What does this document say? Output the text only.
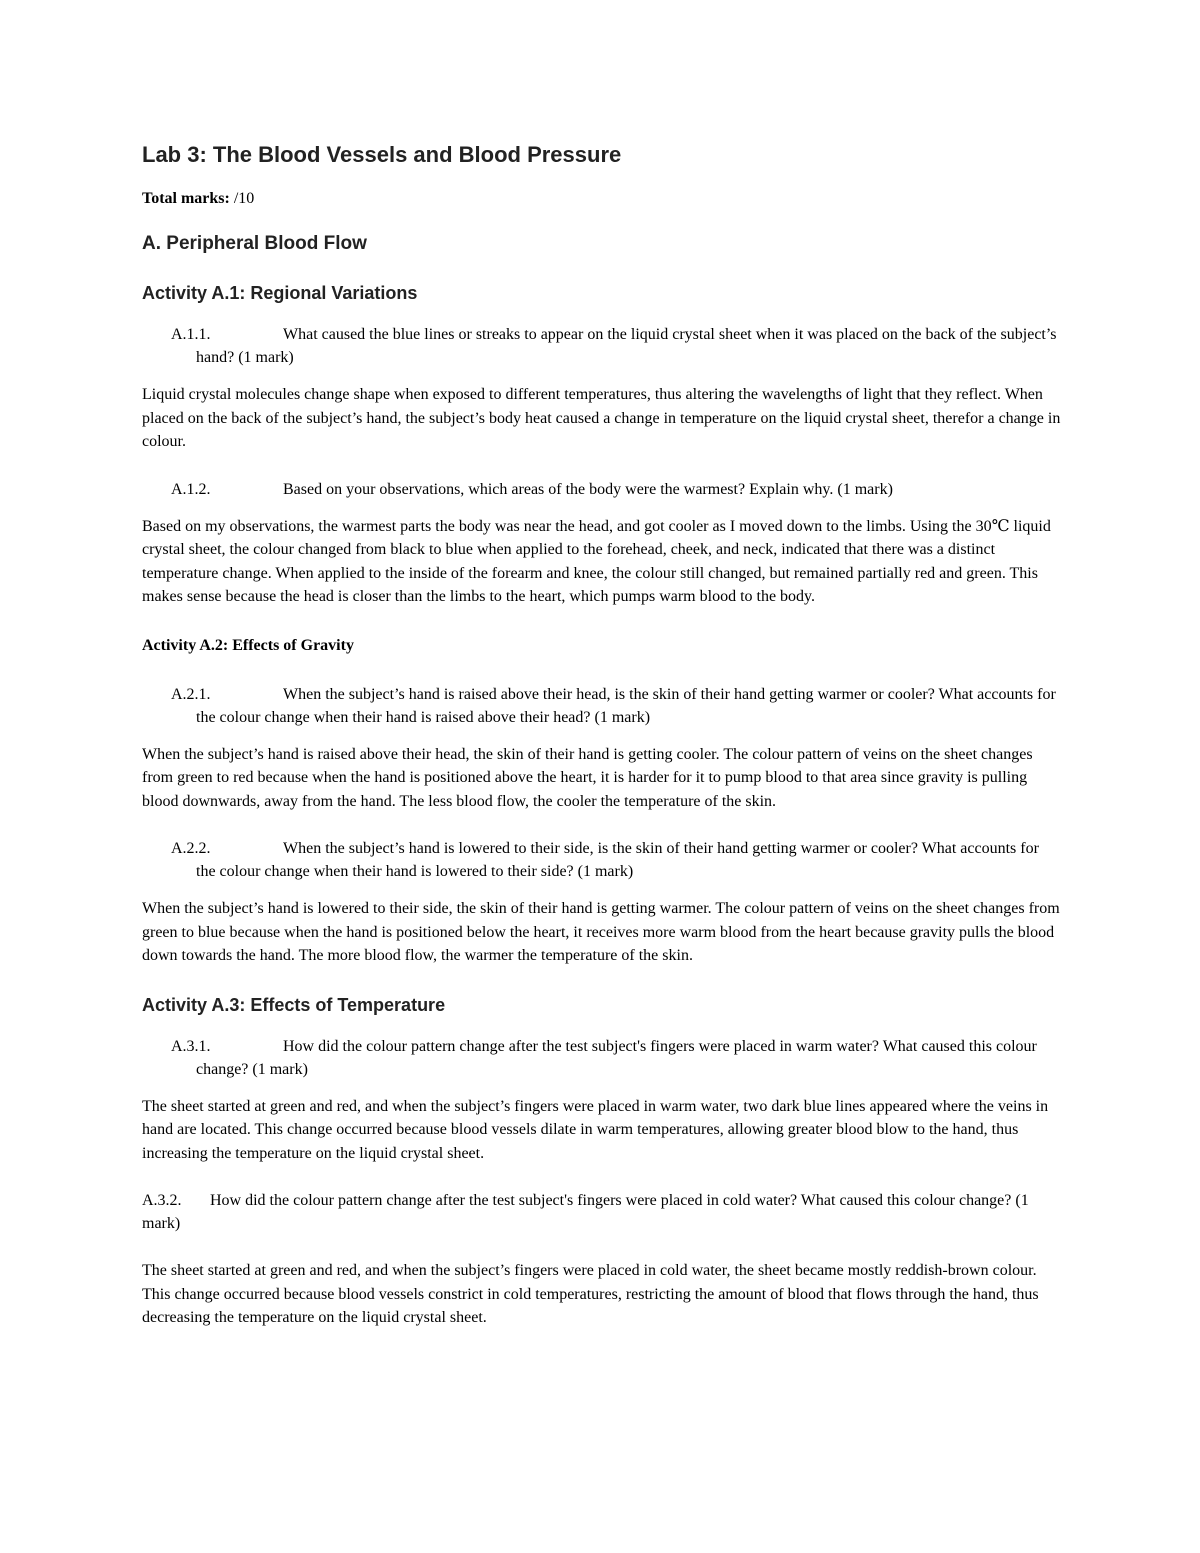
Lab 3: The Blood Vessels and Blood Pressure

Total marks: /10

A. Peripheral Blood Flow
Activity A.1: Regional Variations

A.1.1.	What caused the blue lines or streaks to appear on the liquid crystal sheet when it was placed on the back of the subject’s hand? (1 mark)

Liquid crystal molecules change shape when exposed to different temperatures, thus altering the wavelengths of light that they reflect. When placed on the back of the subject’s hand, the subject’s body heat caused a change in temperature on the liquid crystal sheet, therefor a change in colour.

A.1.2.	Based on your observations, which areas of the body were the warmest? Explain why. (1 mark)

Based on my observations, the warmest parts the body was near the head, and got cooler as I moved down to the limbs. Using the 30℃ liquid crystal sheet, the colour changed from black to blue when applied to the forehead, cheek, and neck, indicated that there was a distinct temperature change. When applied to the inside of the forearm and knee, the colour still changed, but remained partially red and green. This makes sense because the head is closer than the limbs to the heart, which pumps warm blood to the body.

Activity A.2: Effects of Gravity

A.2.1.	When the subject’s hand is raised above their head, is the skin of their hand getting warmer or cooler? What accounts for the colour change when their hand is raised above their head? (1 mark)

When the subject’s hand is raised above their head, the skin of their hand is getting cooler. The colour pattern of veins on the sheet changes from green to red because when the hand is positioned above the heart, it is harder for it to pump blood to that area since gravity is pulling blood downwards, away from the hand. The less blood flow, the cooler the temperature of the skin.

A.2.2.	When the subject’s hand is lowered to their side, is the skin of their hand getting warmer or cooler? What accounts for the colour change when their hand is lowered to their side? (1 mark)

When the subject’s hand is lowered to their side, the skin of their hand is getting warmer. The colour pattern of veins on the sheet changes from green to blue because when the hand is positioned below the heart, it receives more warm blood from the heart because gravity pulls the blood down towards the hand. The more blood flow, the warmer the temperature of the skin.

Activity A.3: Effects of Temperature

A.3.1.	How did the colour pattern change after the test subject's fingers were placed in warm water? What caused this colour change? (1 mark)

The sheet started at green and red, and when the subject’s fingers were placed in warm water, two dark blue lines appeared where the veins in hand are located. This change occurred because blood vessels dilate in warm temperatures, allowing greater blood blow to the hand, thus increasing the temperature on the liquid crystal sheet.

A.3.2. How did the colour pattern change after the test subject's fingers were placed in cold water? What caused this colour change? (1 mark)

The sheet started at green and red, and when the subject’s fingers were placed in cold water, the sheet became mostly reddish-brown colour. This change occurred because blood vessels constrict in cold temperatures, restricting the amount of blood that flows through the hand, thus decreasing the temperature on the liquid crystal sheet.
